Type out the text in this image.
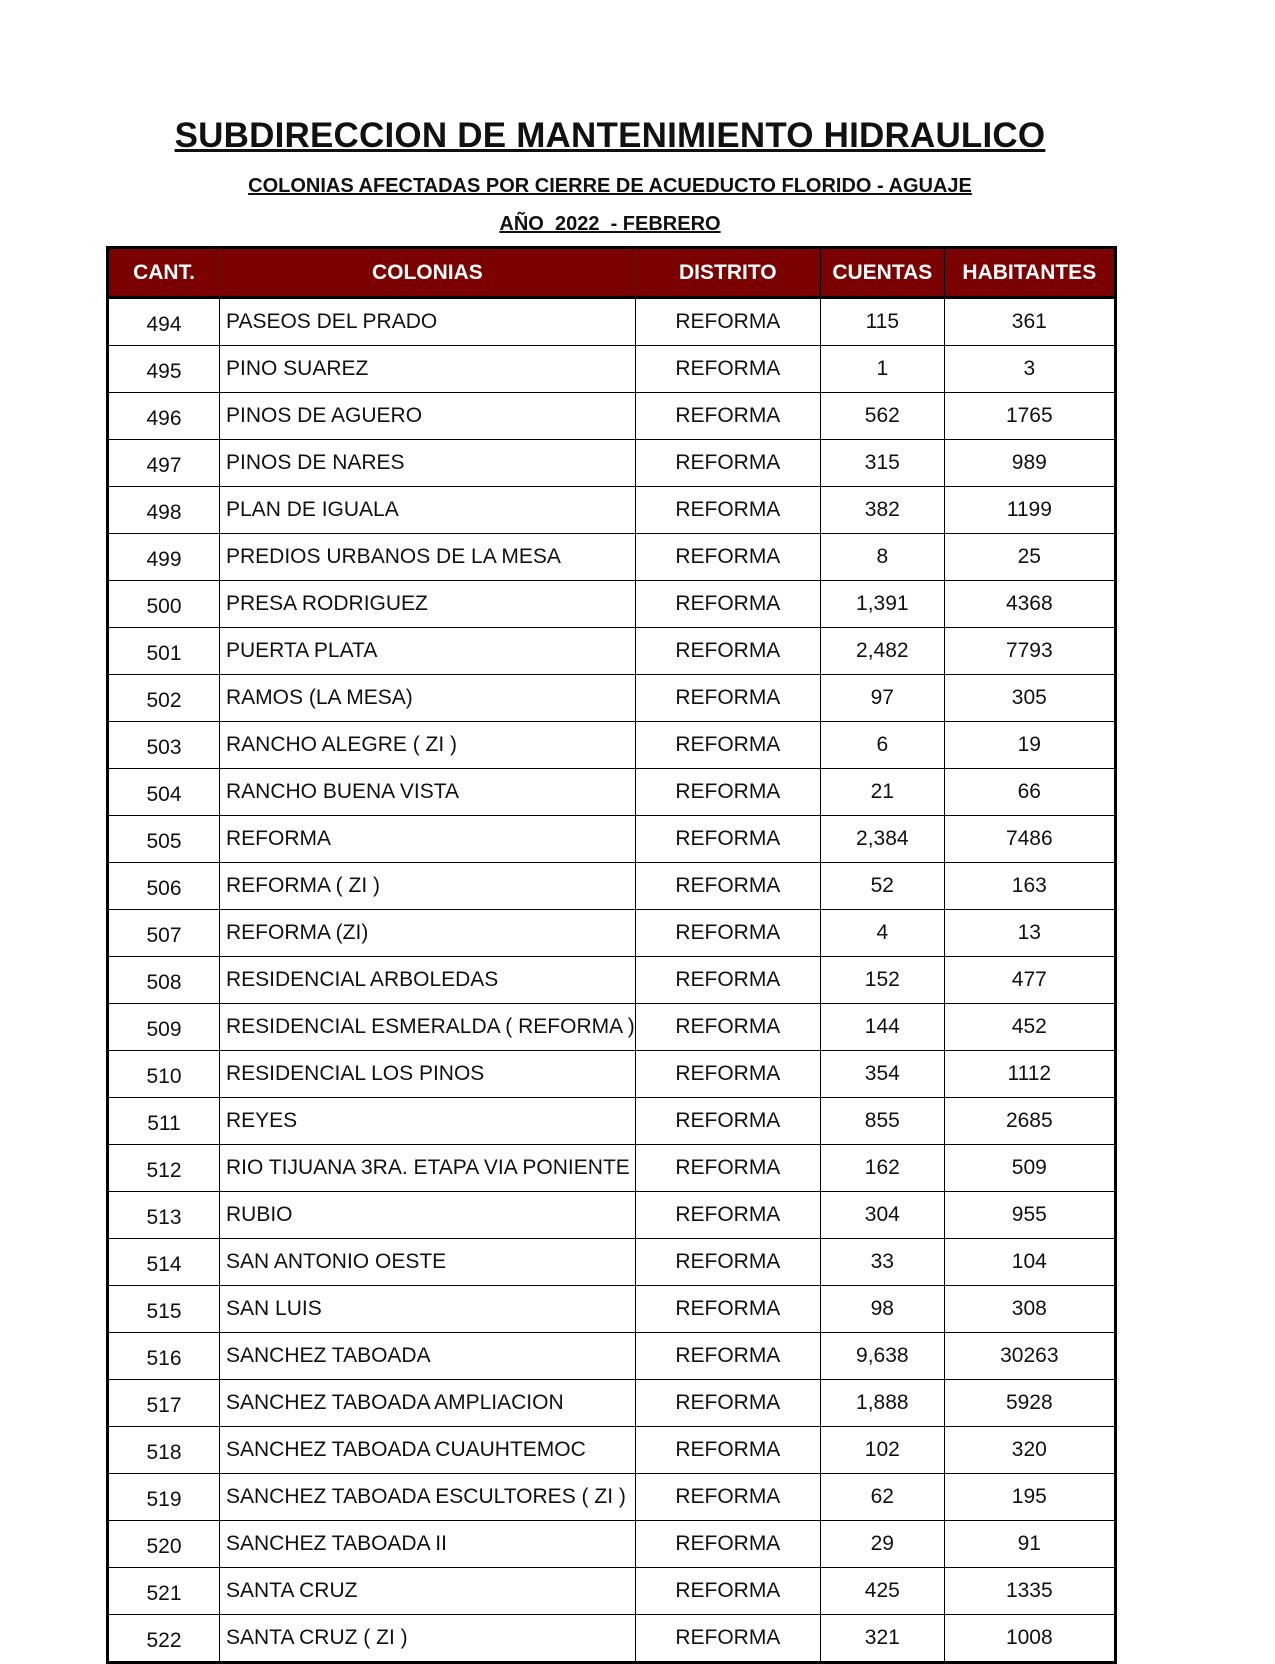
SUBDIRECCION DE MANTENIMIENTO HIDRAULICO
COLONIAS AFECTADAS POR CIERRE DE ACUEDUCTO FLORIDO - AGUAJE
AÑO  2022  - FEBRERO
CANT.	COLONIAS	DISTRITO	CUENTAS	HABITANTES
494	PASEOS DEL PRADO	REFORMA	115	361
495	PINO SUAREZ	REFORMA	1	3
496	PINOS DE AGUERO	REFORMA	562	1765
497	PINOS DE NARES	REFORMA	315	989
498	PLAN DE IGUALA	REFORMA	382	1199
499	PREDIOS URBANOS DE LA MESA	REFORMA	8	25
500	PRESA RODRIGUEZ	REFORMA	1,391	4368
501	PUERTA PLATA	REFORMA	2,482	7793
502	RAMOS (LA MESA)	REFORMA	97	305
503	RANCHO ALEGRE ( ZI )	REFORMA	6	19
504	RANCHO BUENA VISTA	REFORMA	21	66
505	REFORMA	REFORMA	2,384	7486
506	REFORMA ( ZI )	REFORMA	52	163
507	REFORMA (ZI)	REFORMA	4	13
508	RESIDENCIAL ARBOLEDAS	REFORMA	152	477
509	RESIDENCIAL ESMERALDA ( REFORMA )	REFORMA	144	452
510	RESIDENCIAL LOS PINOS	REFORMA	354	1112
511	REYES	REFORMA	855	2685
512	RIO TIJUANA 3RA. ETAPA VIA PONIENTE	REFORMA	162	509
513	RUBIO	REFORMA	304	955
514	SAN ANTONIO OESTE	REFORMA	33	104
515	SAN LUIS	REFORMA	98	308
516	SANCHEZ TABOADA	REFORMA	9,638	30263
517	SANCHEZ TABOADA AMPLIACION	REFORMA	1,888	5928
518	SANCHEZ TABOADA CUAUHTEMOC	REFORMA	102	320
519	SANCHEZ TABOADA ESCULTORES ( ZI )	REFORMA	62	195
520	SANCHEZ TABOADA II	REFORMA	29	91
521	SANTA CRUZ	REFORMA	425	1335
522	SANTA CRUZ ( ZI )	REFORMA	321	1008
